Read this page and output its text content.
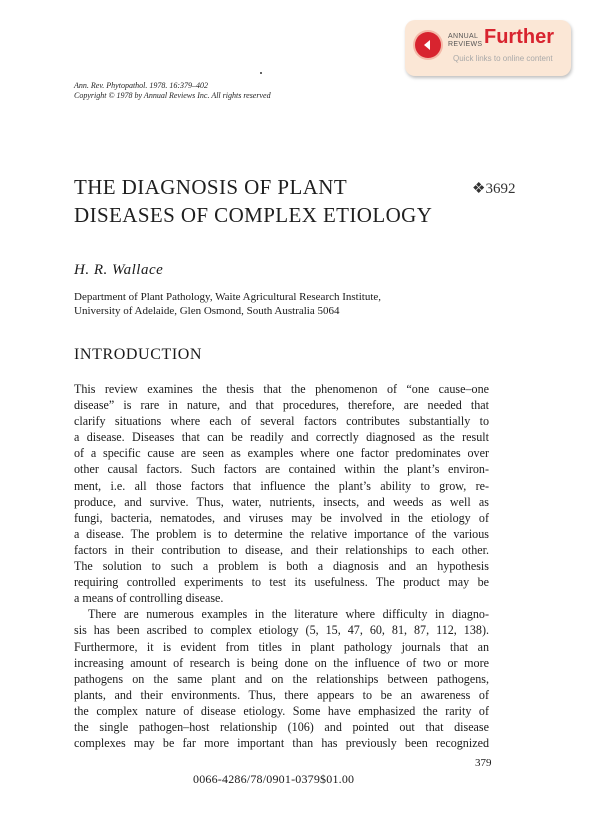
ANNUAL
REVIEWS Further
Quick links to online content
Ann. Rev. Phytopathol. 1978. 16:379–402
Copyright © 1978 by Annual Reviews Inc. All rights reserved
THE DIAGNOSIS OF PLANT
DISEASES OF COMPLEX ETIOLOGY
❖3692
H. R. Wallace
Department of Plant Pathology, Waite Agricultural Research Institute,
University of Adelaide, Glen Osmond, South Australia 5064
INTRODUCTION
This review examines the thesis that the phenomenon of “one cause–one
disease” is rare in nature, and that procedures, therefore, are needed that
clarify situations where each of several factors contributes substantially to
a disease. Diseases that can be readily and correctly diagnosed as the result
of a specific cause are seen as examples where one factor predominates over
other causal factors. Such factors are contained within the plant’s environ-
ment, i.e. all those factors that influence the plant’s ability to grow, re-
produce, and survive. Thus, water, nutrients, insects, and weeds as well as
fungi, bacteria, nematodes, and viruses may be involved in the etiology of
a disease. The problem is to determine the relative importance of the various
factors in their contribution to disease, and their relationships to each other.
The solution to such a problem is both a diagnosis and an hypothesis
requiring controlled experiments to test its usefulness. The product may be
a means of controlling disease.
There are numerous examples in the literature where difficulty in diagno-
sis has been ascribed to complex etiology (5, 15, 47, 60, 81, 87, 112, 138).
Furthermore, it is evident from titles in plant pathology journals that an
increasing amount of research is being done on the influence of two or more
pathogens on the same plant and on the relationships between pathogens,
plants, and their environments. Thus, there appears to be an awareness of
the complex nature of disease etiology. Some have emphasized the rarity of
the single pathogen–host relationship (106) and pointed out that disease
complexes may be far more important than has previously been recognized
379
0066-4286/78/0901-0379$01.00
